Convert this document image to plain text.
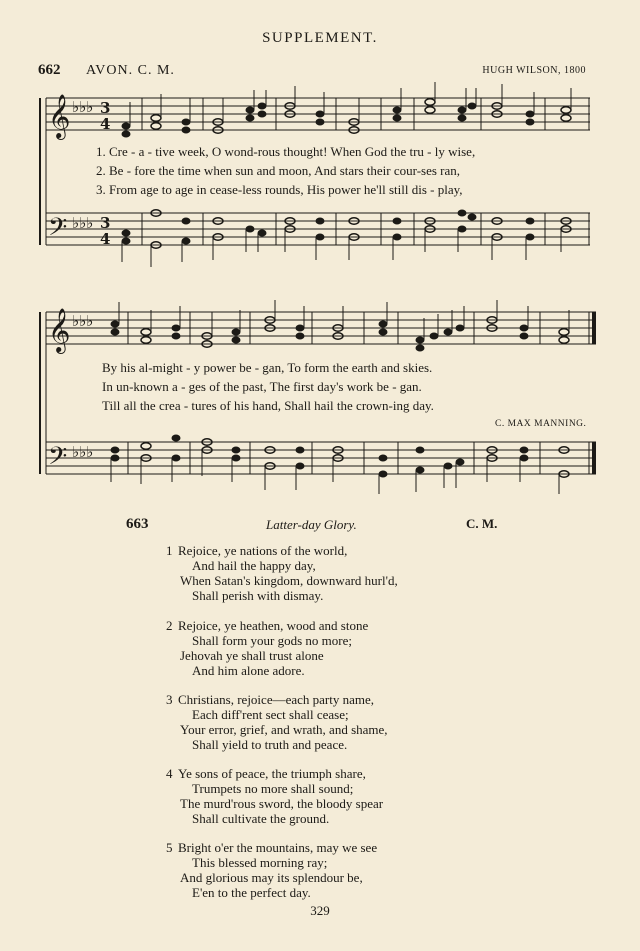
SUPPLEMENT.
662 AVON. C. M.	HUGH WILSON, 1800
𝄞
𝄢
♭♭♭
♭♭♭
3
4
3
4
1. Cre - a - tive week, O wond-rous thought! When God the tru - ly wise,
2. Be - fore the time when sun and moon, And stars their cour-ses ran,
3. From age to age in cease-less rounds, His power he'll still dis - play,
𝄞
𝄢
♭♭♭
♭♭♭
By his al-might - y power be - gan, To form the earth and skies.
In un-known a - ges of the past, The first day's work be - gan.
Till all the crea - tures of his hand, Shall hail the crown-ing day.
C. MAX MANNING.
663	Latter-day Glory.	C. M.
1 Rejoice, ye nations of the world,
And hail the happy day,
When Satan's kingdom, downward hurl'd,
Shall perish with dismay.
2 Rejoice, ye heathen, wood and stone
Shall form your gods no more;
Jehovah ye shall trust alone
And him alone adore.
3 Christians, rejoice—each party name,
Each diff'rent sect shall cease;
Your error, grief, and wrath, and shame,
Shall yield to truth and peace.
4 Ye sons of peace, the triumph share,
Trumpets no more shall sound;
The murd'rous sword, the bloody spear
Shall cultivate the ground.
5 Bright o'er the mountains, may we see
This blessed morning ray;
And glorious may its splendour be,
E'en to the perfect day.
329
